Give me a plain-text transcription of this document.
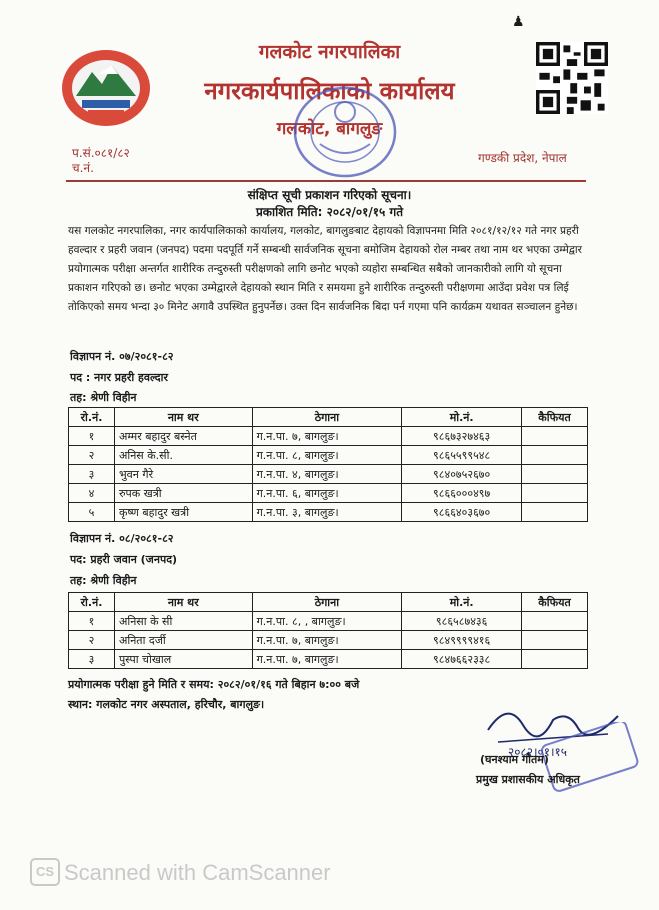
♟
गलकोट नगरपालिका
नगरकार्यपालिकाको कार्यालय
गलकोट, बागलुङ
प.सं.०८१/८२
च.नं.
गण्डकी प्रदेश, नेपाल
संक्षिप्त सूची प्रकाशन गरिएको सूचना।
प्रकाशित मिति: २०८२/०१/१५ गते
यस गलकोट नगरपालिका, नगर कार्यपालिकाको कार्यालय, गलकोट, बागलुङबाट देहायको विज्ञापनमा मिति २०८१/१२/१२ गते नगर प्रहरी हवल्दार र प्रहरी जवान (जनपद) पदमा पदपूर्ति गर्ने सम्बन्धी सार्वजनिक सूचना बमोजिम देहायको रोल नम्बर तथा नाम थर भएका उम्मेद्वार प्रयोगात्मक परीक्षा अन्तर्गत शारीरिक तन्दुरुस्ती परीक्षणको लागि छनोट भएको व्यहोरा सम्बन्धित सबैको जानकारीको लागि यो सूचना प्रकाशन गरिएको छ। छनोट भएका उम्मेद्वारले देहायको स्थान मिति र समयमा हुने शारीरिक तन्दुरुस्ती परीक्षणमा आउँदा प्रवेश पत्र लिई तोकिएको समय भन्दा ३० मिनेट अगावै उपस्थित हुनुपर्नेछ। उक्त दिन सार्वजनिक बिदा पर्न गएमा पनि कार्यक्रम यथावत सञ्चालन हुनेछ।
विज्ञापन नं. ०७/२०८१-८२
पद : नगर प्रहरी हवल्दार
तह: श्रेणी विहीन
रो.नं.	नाम थर	ठेगाना	मो.नं.	कैफियत
१	अम्मर बहादुर बस्नेत	ग.न.पा. ७, बागलुङ।	९८६७३२७४६३	
२	अनिस के.सी.	ग.न.पा. ८, बागलुङ।	९८६५५९९५४८	
३	भुवन गैरे	ग.न.पा. ४, बागलुङ।	९८४०७५२६७०	
४	रुपक खत्री	ग.न.पा. ६, बागलुङ।	९८६६०००४९७	
५	कृष्ण बहादुर खत्री	ग.न.पा. ३, बागलुङ।	९८६६४०३६७०	
विज्ञापन नं. ०८/२०८१-८२
पद: प्रहरी जवान (जनपद)
तह: श्रेणी विहीन
रो.नं.	नाम थर	ठेगाना	मो.नं.	कैफियत
१	अनिसा के सी	ग.न.पा. ८, , बागलुङ।	९८६५८७४३६	
२	अनिता दर्जी	ग.न.पा. ७, बागलुङ।	९८४९९९९४१६	
३	पुस्पा चोखाल	ग.न.पा. ७, बागलुङ।	९८४७६६२३३८	
प्रयोगात्मक परीक्षा हुने मिति र समय: २०८२/०१/१६ गते बिहान ७:०० बजे
स्थान: गलकोट नगर अस्पताल, हरिचौर, बागलुङ।
२०८२।०१।१५
(घनश्याम गौतम)
प्रमुख प्रशासकीय अधिकृत
CS Scanned with CamScanner
